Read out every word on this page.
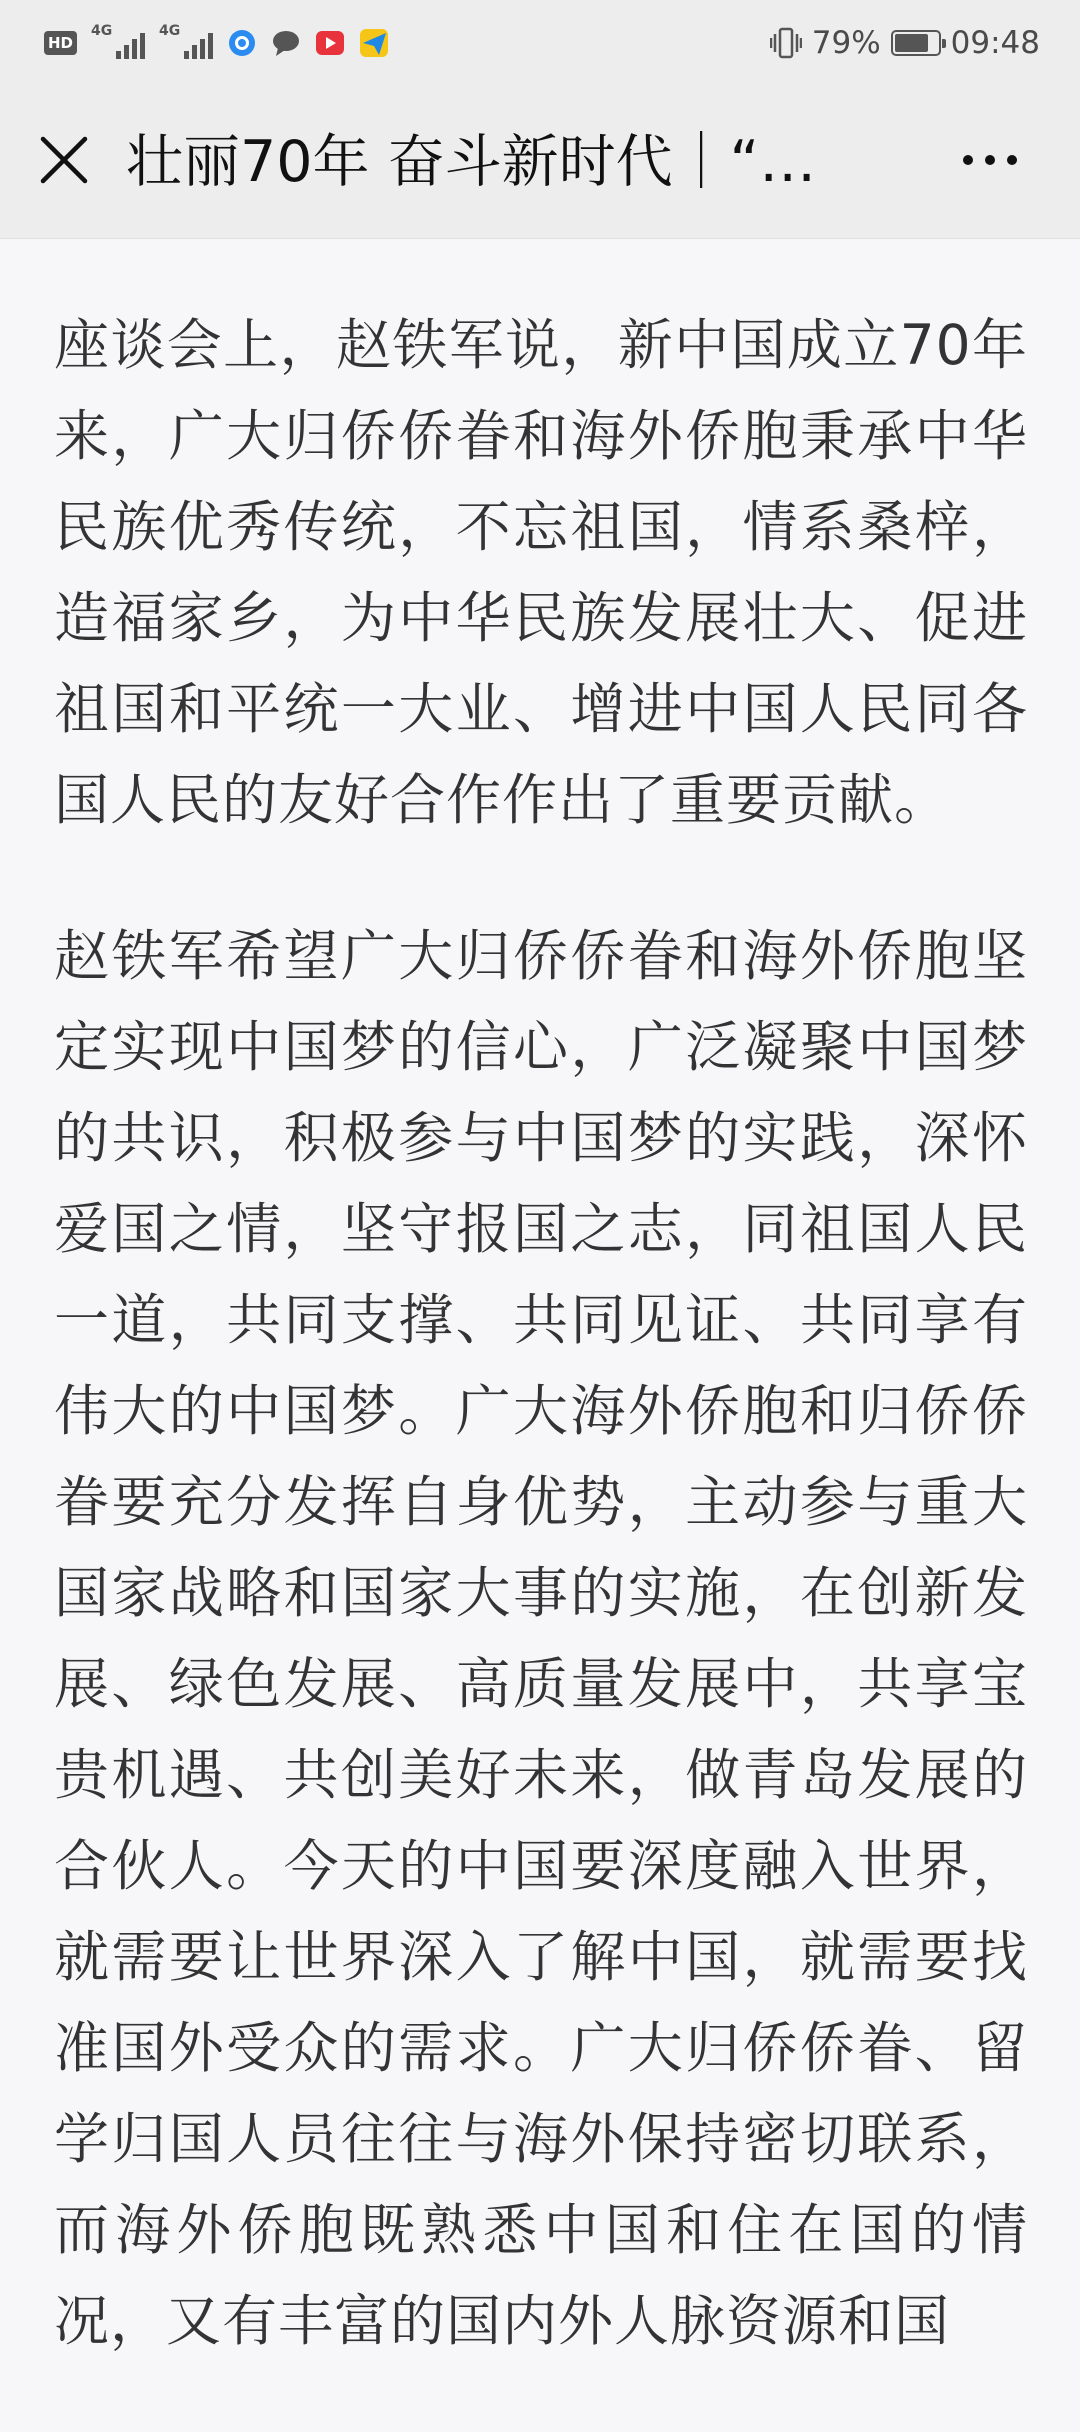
HD
4G	4G	79% 09:48
壮丽70年 奋斗新时代｜“…

座谈会上，赵铁军说，新中国成立70年来，广大归侨侨眷和海外侨胞秉承中华民族优秀传统，不忘祖国，情系桑梓，造福家乡，为中华民族发展壮大、促进祖国和平统一大业、增进中国人民同各国人民的友好合作作出了重要贡献。

赵铁军希望广大归侨侨眷和海外侨胞坚定实现中国梦的信心，广泛凝聚中国梦的共识，积极参与中国梦的实践，深怀爱国之情，坚守报国之志，同祖国人民一道，共同支撑、共同见证、共同享有伟大的中国梦。广大海外侨胞和归侨侨眷要充分发挥自身优势，主动参与重大国家战略和国家大事的实施，在创新发展、绿色发展、高质量发展中，共享宝贵机遇、共创美好未来，做青岛发展的合伙人。今天的中国要深度融入世界，就需要让世界深入了解中国，就需要找准国外受众的需求。广大归侨侨眷、留学归国人员往往与海外保持密切联系，而海外侨胞既熟悉中国和住在国的情况，又有丰富的国内外人脉资源和国
